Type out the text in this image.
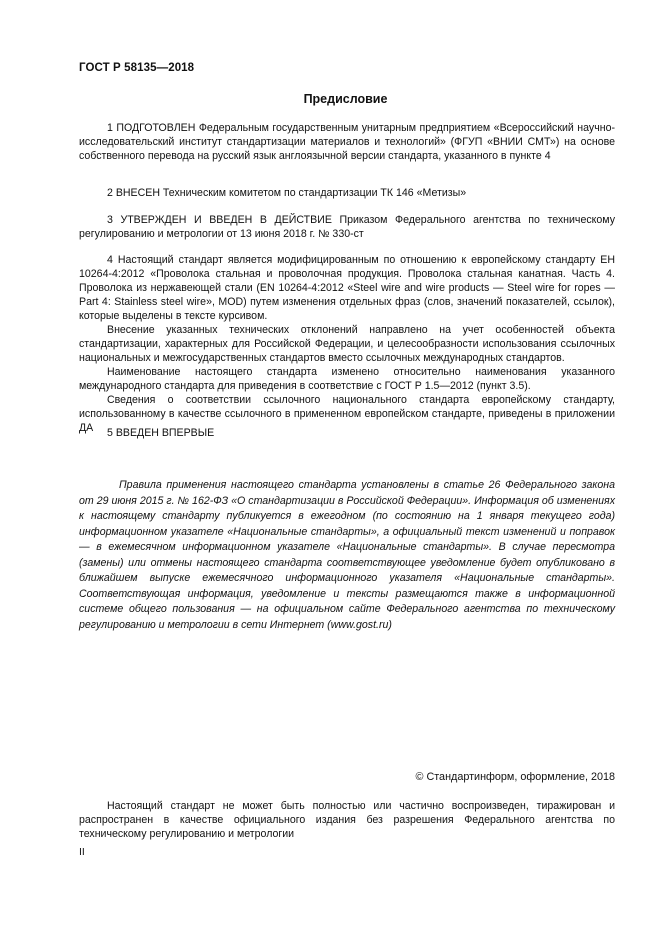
ГОСТ Р 58135—2018
Предисловие
1 ПОДГОТОВЛЕН Федеральным государственным унитарным предприятием «Всероссийский научно-исследовательский институт стандартизации материалов и технологий» (ФГУП «ВНИИ СМТ») на основе собственного перевода на русский язык англоязычной версии стандарта, указанного в пункте 4
2 ВНЕСЕН Техническим комитетом по стандартизации ТК 146 «Метизы»
3 УТВЕРЖДЕН И ВВЕДЕН В ДЕЙСТВИЕ Приказом Федерального агентства по техническому регулированию и метрологии от 13 июня 2018 г. № 330-ст

4 Настоящий стандарт является модифицированным по отношению к европейскому стандарту ЕН 10264-4:2012 «Проволока стальная и проволочная продукция. Проволока стальная канатная. Часть 4. Проволока из нержавеющей стали (EN 10264-4:2012 «Steel wire and wire products — Steel wire for ropes — Part 4: Stainless steel wire», MOD) путем изменения отдельных фраз (слов, значений показателей, ссылок), которые выделены в тексте курсивом.

Внесение указанных технических отклонений направлено на учет особенностей объекта стандартизации, характерных для Российской Федерации, и целесообразности использования ссылочных национальных и межгосударственных стандартов вместо ссылочных международных стандартов.

Наименование настоящего стандарта изменено относительно наименования указанного международного стандарта для приведения в соответствие с ГОСТ Р 1.5—2012 (пункт 3.5).

Сведения о соответствии ссылочного национального стандарта европейскому стандарту, использованному в качестве ссылочного в примененном европейском стандарте, приведены в приложении ДА	5 ВВЕДЕН ВПЕРВЫЕ
Правила применения настоящего стандарта установлены в статье 26 Федерального закона от 29 июня 2015 г. № 162-ФЗ «О стандартизации в Российской Федерации». Информация об изменениях к настоящему стандарту публикуется в ежегодном (по состоянию на 1 января текущего года) информационном указателе «Национальные стандарты», а официальный текст изменений и поправок — в ежемесячном информационном указателе «Национальные стандарты». В случае пересмотра (замены) или отмены настоящего стандарта соответствующее уведомление будет опубликовано в ближайшем выпуске ежемесячного информационного указателя «Национальные стандарты». Соответствующая информация, уведомление и тексты размещаются также в информационной системе общего пользования — на официальном сайте Федерального агентства по техническому регулированию и метрологии в сети Интернет (www.gost.ru)
© Стандартинформ, оформление, 2018
Настоящий стандарт не может быть полностью или частично воспроизведен, тиражирован и распространен в качестве официального издания без разрешения Федерального агентства по техническому регулированию и метрологии
II
